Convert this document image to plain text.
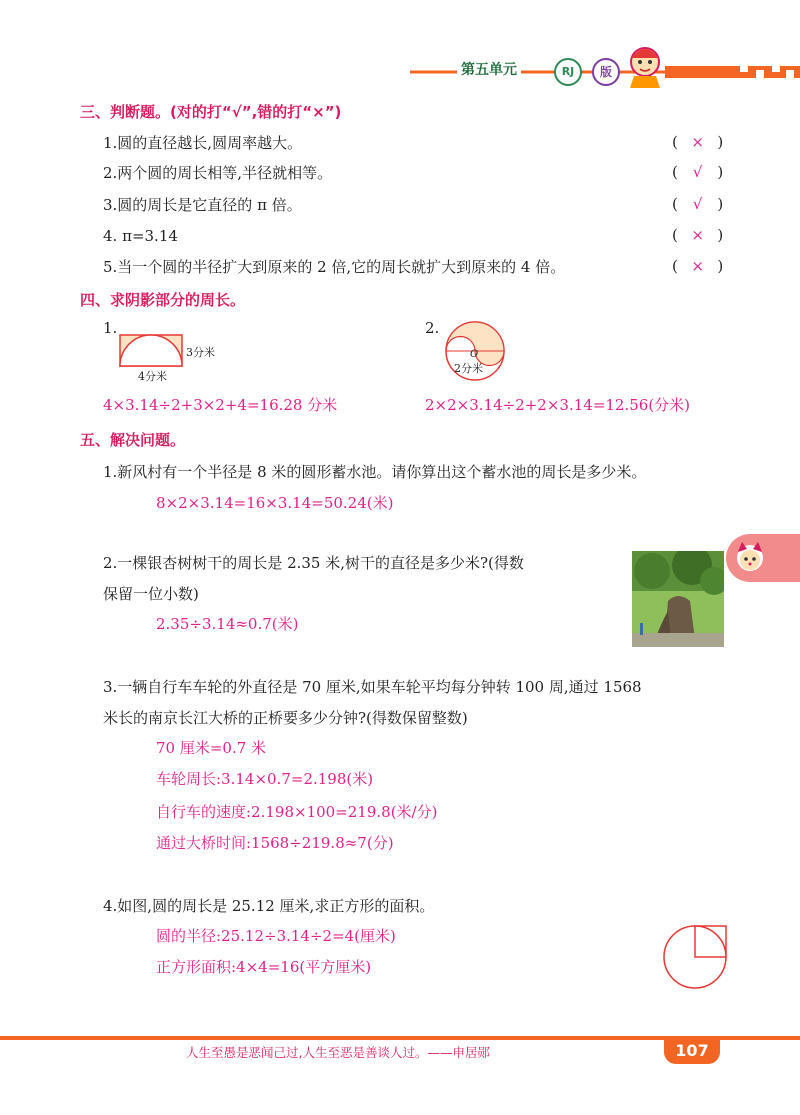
第五单元	RJ	版
三、判断题。(对的打“√”,错的打“×”)
1.圆的直径越长,圆周率越大。	( × )
2.两个圆的周长相等,半径就相等。	( √ )
3.圆的周长是它直径的 π 倍。	( √ )
4. π=3.14	( × )
5.当一个圆的半径扩大到原来的 2 倍,它的周长就扩大到原来的 4 倍。	( × )
四、求阴影部分的周长。
1.
3分米
4分米
4×3.14÷2+3×2+4=16.28 分米
2.
O
2分米
2×2×3.14÷2+2×3.14=12.56(分米)
五、解决问题。
1.新风村有一个半径是 8 米的圆形蓄水池。请你算出这个蓄水池的周长是多少米。
8×2×3.14=16×3.14=50.24(米)
2.一棵银杏树树干的周长是 2.35 米,树干的直径是多少米?(得数
保留一位小数)
2.35÷3.14≈0.7(米)
3.一辆自行车车轮的外直径是 70 厘米,如果车轮平均每分钟转 100 周,通过 1568
米长的南京长江大桥的正桥要多少分钟?(得数保留整数)
70 厘米=0.7 米
车轮周长:3.14×0.7=2.198(米)
自行车的速度:2.198×100=219.8(米/分)
通过大桥时间:1568÷219.8≈7(分)
4.如图,圆的周长是 25.12 厘米,求正方形的面积。
圆的半径:25.12÷3.14÷2=4(厘米)
正方形面积:4×4=16(平方厘米)
人生至愚是恶闻己过,人生至恶是善谈人过。——申居郧	107
